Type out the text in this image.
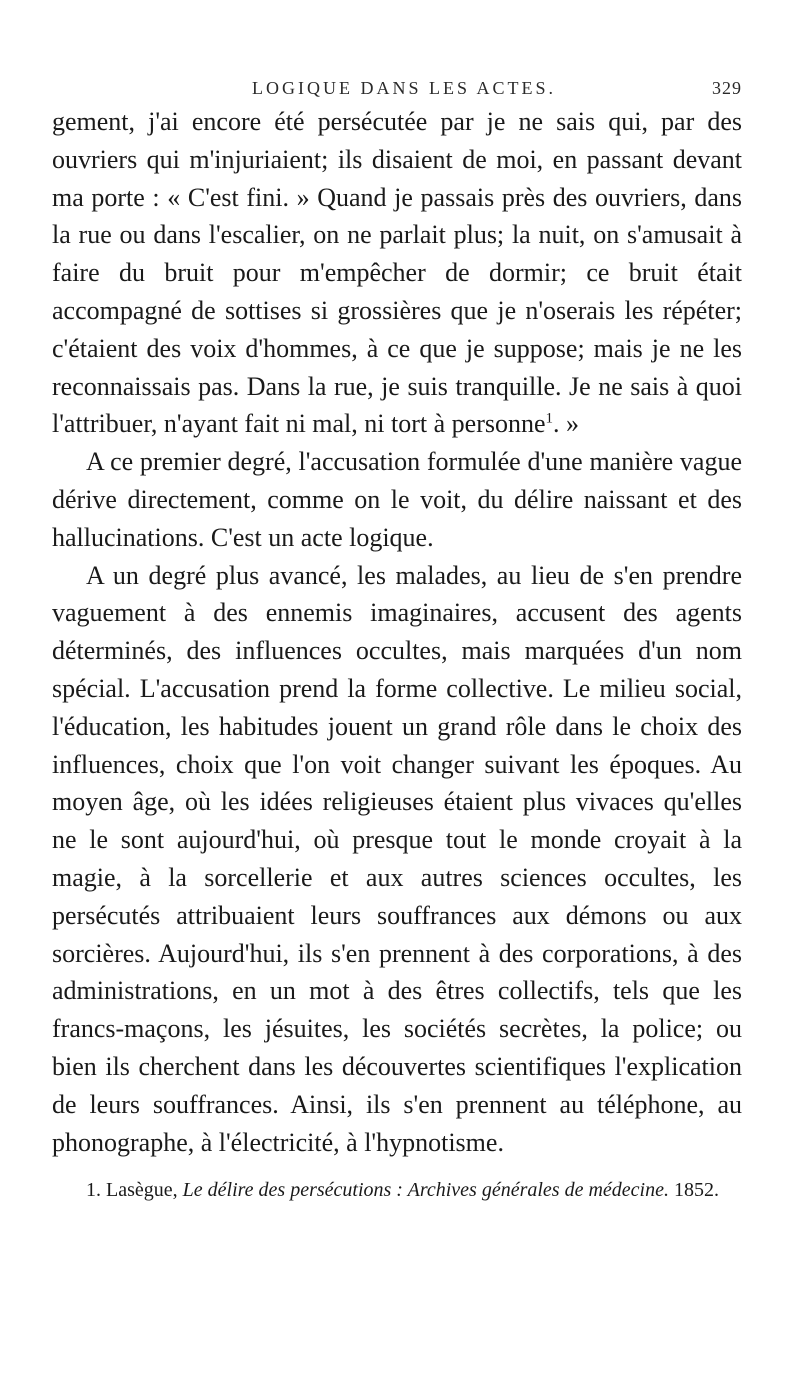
LOGIQUE DANS LES ACTES.	329

gement, j'ai encore été persécutée par je ne sais qui, par des ouvriers qui m'injuriaient; ils disaient de moi, en passant devant ma porte : « C'est fini. » Quand je passais près des ouvriers, dans la rue ou dans l'escalier, on ne parlait plus; la nuit, on s'amusait à faire du bruit pour m'empêcher de dormir; ce bruit était accompagné de sottises si grossières que je n'oserais les répéter; c'étaient des voix d'hommes, à ce que je suppose; mais je ne les reconnaissais pas. Dans la rue, je suis tranquille. Je ne sais à quoi l'attribuer, n'ayant fait ni mal, ni tort à personne$^1$. »

A ce premier degré, l'accusation formulée d'une manière vague dérive directement, comme on le voit, du délire naissant et des hallucinations. C'est un acte logique.

A un degré plus avancé, les malades, au lieu de s'en prendre vaguement à des ennemis imaginaires, accusent des agents déterminés, des influences occultes, mais marquées d'un nom spécial. L'accusation prend la forme collective. Le milieu social, l'éducation, les habitudes jouent un grand rôle dans le choix des influences, choix que l'on voit changer suivant les époques. Au moyen âge, où les idées religieuses étaient plus vivaces qu'elles ne le sont aujourd'hui, où presque tout le monde croyait à la magie, à la sorcellerie et aux autres sciences occultes, les persécutés attribuaient leurs souffrances aux démons ou aux sorcières. Aujourd'hui, ils s'en prennent à des corporations, à des administrations, en un mot à des êtres collectifs, tels que les francs-maçons, les jésuites, les sociétés secrètes, la police; ou bien ils cherchent dans les découvertes scientifiques l'explication de leurs souffrances. Ainsi, ils s'en prennent au téléphone, au phonographe, à l'électricité, à l'hypnotisme.

1. Lasègue, Le délire des persécutions : Archives générales de médecine. 1852.
